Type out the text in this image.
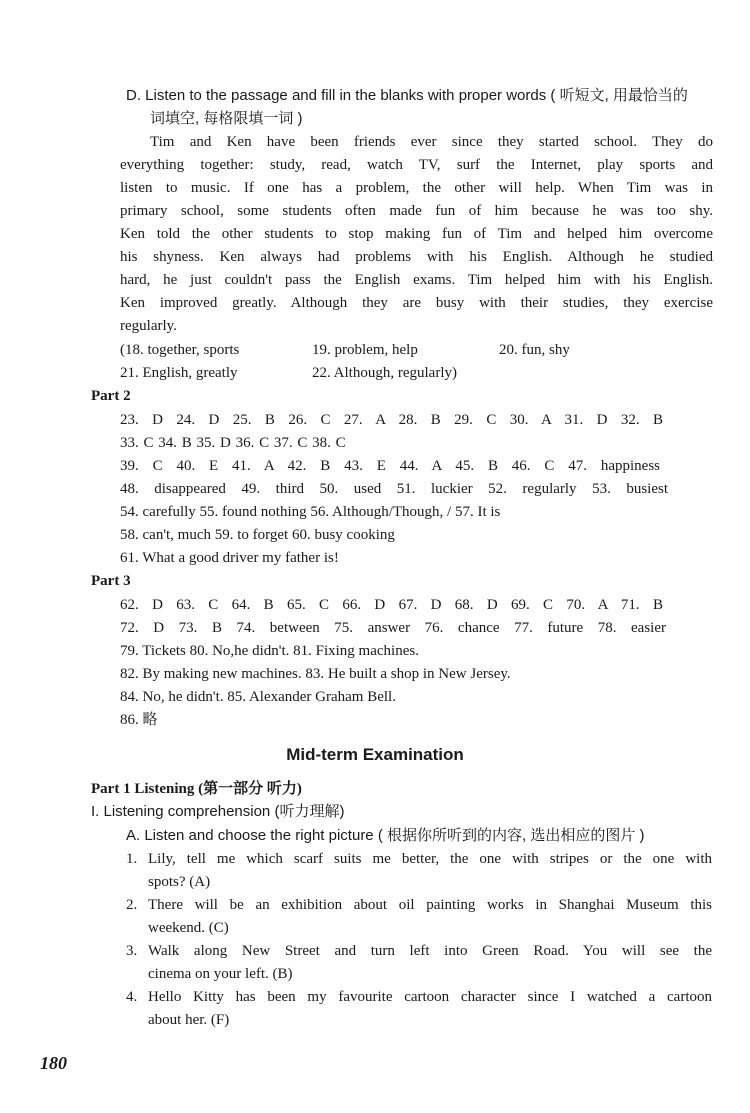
D. Listen to the passage and fill in the blanks with proper words ( 听短文, 用最恰当的
词填空, 每格限填一词 )
Tim and Ken have been friends ever since they started school. They do
everything together: study, read, watch TV, surf the Internet, play sports and
listen to music. If one has a problem, the other will help. When Tim was in
primary school, some students often made fun of him because he was too shy.
Ken told the other students to stop making fun of Tim and helped him overcome
his shyness. Ken always had problems with his English. Although he studied
hard, he just couldn't pass the English exams. Tim helped him with his English.
Ken improved greatly. Although they are busy with their studies, they exercise
regularly.
(18. together, sports	19. problem, help	20. fun, shy
21. English, greatly	22. Although, regularly)
Part 2
23. D 24. D 25. B 26. C 27. A 28. B 29. C 30. A 31. D 32. B
33. C 34. B 35. D 36. C 37. C 38. C
39. C 40. E 41. A 42. B 43. E 44. A 45. B 46. C 47. happiness
48. disappeared 49. third 50. used 51. luckier 52. regularly 53. busiest
54. carefully 55. found nothing 56. Although/Though, / 57. It is
58. can't, much 59. to forget 60. busy cooking
61. What a good driver my father is!
Part 3
62. D 63. C 64. B 65. C 66. D 67. D 68. D 69. C 70. A 71. B
72. D 73. B 74. between 75. answer 76. chance 77. future 78. easier
79. Tickets 80. No,he didn't. 81. Fixing machines.
82. By making new machines. 83. He built a shop in New Jersey.
84. No, he didn't. 85. Alexander Graham Bell.
86. 略
Mid-term Examination
Part 1 Listening (第一部分 听力)
I. Listening comprehension (听力理解)
A. Listen and choose the right picture ( 根据你所听到的内容, 选出相应的图片 )
1. Lily, tell me which scarf suits me better, the one with stripes or the one with
spots? (A)
2. There will be an exhibition about oil painting works in Shanghai Museum this
weekend. (C)
3. Walk along New Street and turn left into Green Road. You will see the
cinema on your left. (B)
4. Hello Kitty has been my favourite cartoon character since I watched a cartoon
about her. (F)
180
